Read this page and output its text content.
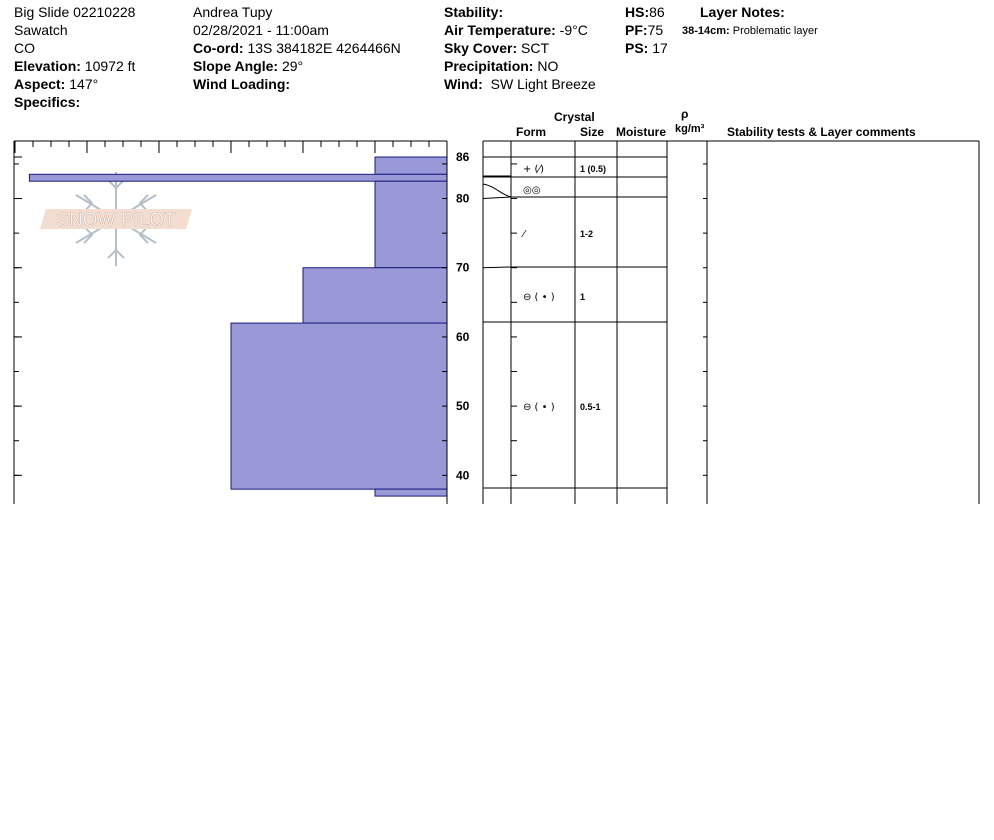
Big Slide 02210228
Sawatch
CO
Elevation: 10972 ft
Aspect: 147°
Specifics:
Andrea Tupy
02/28/2021 - 11:00am
Co-ord: 13S 384182E 4264466N
Slope Angle: 29°
Wind Loading:
Stability:
Air Temperature: -9°C
Sky Cover: SCT
Precipitation: NO
Wind: SW Light Breeze
HS:86
PF:75
PS: 17
Layer Notes:
38-14cm: Problematic layer
Crystal
Form	Size Moisture
ρ
kg/m³ Stability tests & Layer comments
SNOW PILOT
86
80
70
60
50
40
+ (⁄)	1 (0.5)
◎◎
⁄	1-2
⊖ ( • )	1
⊖ ( • )	0.5-1
